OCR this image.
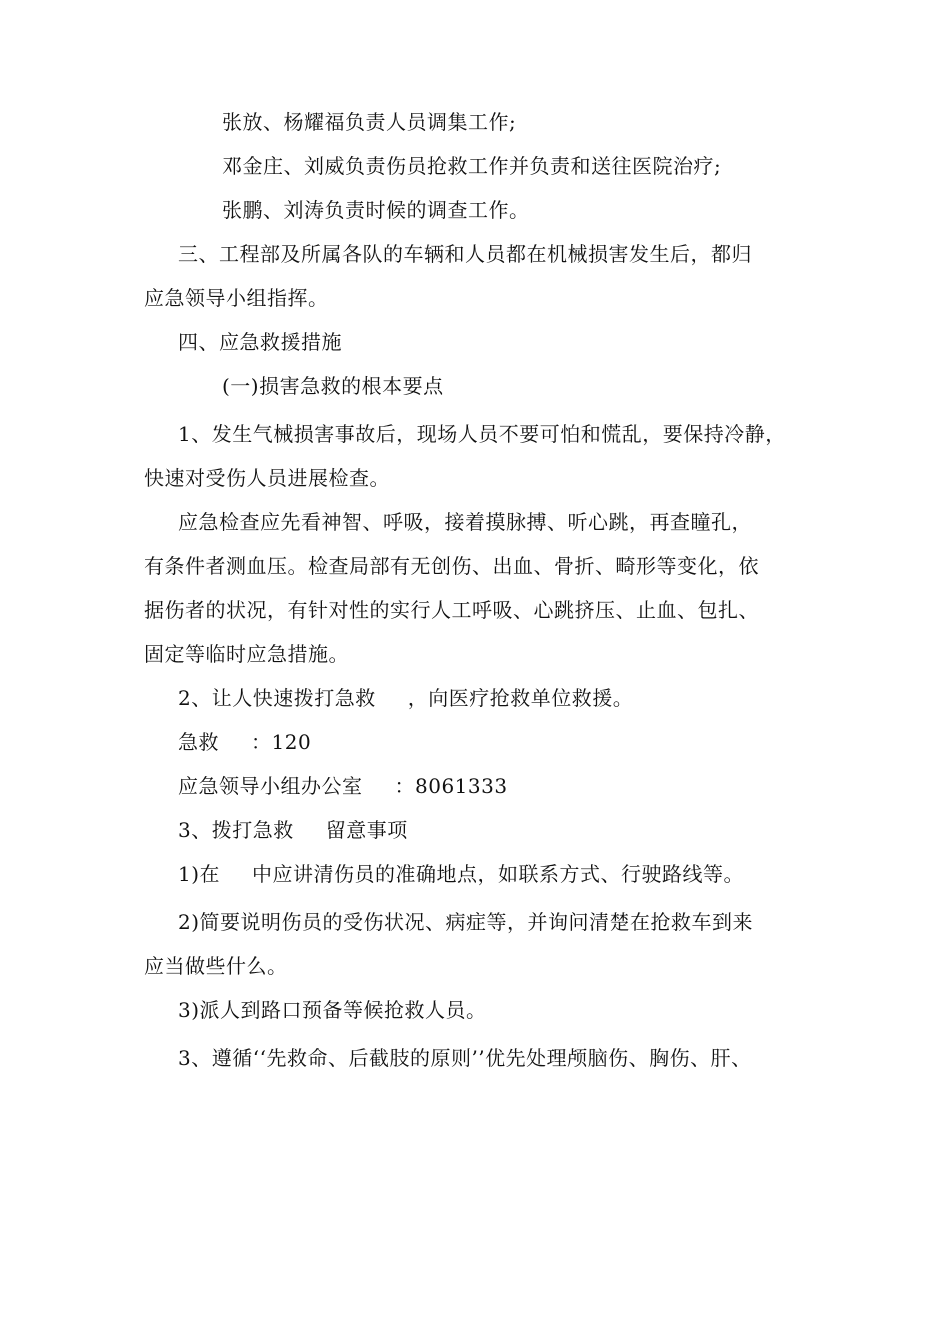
张放、杨耀福负责人员调集工作;
邓金庄、刘威负责伤员抢救工作并负责和送往医院治疗;
张鹏、刘涛负责时候的调查工作。
三、工程部及所属各队的车辆和人员都在机械损害发生后，都归
应急领导小组指挥。
四、应急救援措施
(一)损害急救的根本要点
1、发生气械损害事故后，现场人员不要可怕和慌乱，要保持冷静，
快速对受伤人员进展检查。
应急检查应先看神智、呼吸，接着摸脉搏、听心跳，再查瞳孔，
有条件者测血压。检查局部有无创伤、出血、骨折、畸形等变化，依
据伤者的状况，有针对性的实行人工呼吸、心跳挤压、止血、包扎、
固定等临时应急措施。
2、让人快速拨打急救 ，向医疗抢救单位救援。
急救 ：120
应急领导小组办公室 ：8061333
3、拨打急救 留意事项
1)在 中应讲清伤员的准确地点，如联系方式、行驶路线等。
2)简要说明伤员的受伤状况、病症等，并询问清楚在抢救车到来
应当做些什么。
3)派人到路口预备等候抢救人员。
3、遵循‘‘先救命、后截肢的原则’’优先处理颅脑伤、胸伤、肝、
